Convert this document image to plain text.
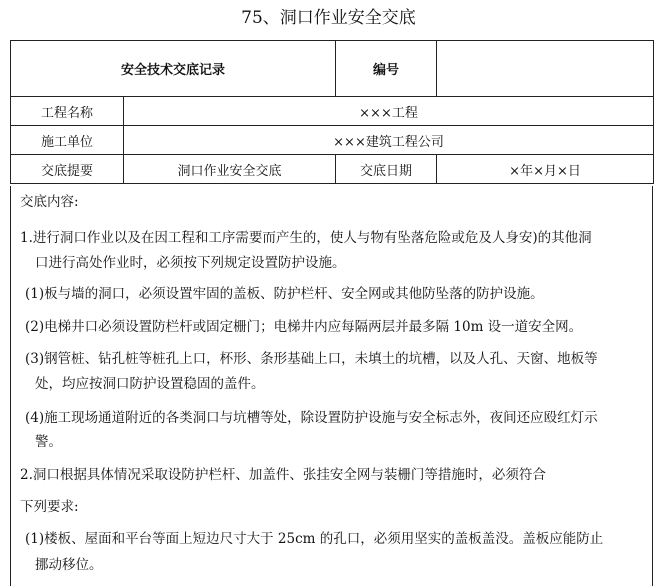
75、洞口作业安全交底
安全技术交底记录		编号	
工程名称	×××工程		
施工单位	×××建筑工程公司		
交底提要	洞口作业安全交底	交底日期	×年×月×日
交底内容:
1.进行洞口作业以及在因工程和工序需要而产生的，使人与物有坠落危险或危及人身安)的其他洞
口进行高处作业时，必须按下列规定设置防护设施。
(1)板与墙的洞口，必须设置牢固的盖板、防护栏杆、安全网或其他防坠落的防护设施。
(2)电梯井口必须设置防栏杆或固定栅门；电梯井内应每隔两层并最多隔 10m 设一道安全网。
(3)钢管桩、钻孔桩等桩孔上口，杯形、条形基础上口，未填土的坑槽，以及人孔、天窗、地板等
处，均应按洞口防护设置稳固的盖件。
(4)施工现场通道附近的各类洞口与坑槽等处，除设置防护设施与安全标志外，夜间还应殴红灯示
警。
2.洞口根据具体情况采取设防护栏杆、加盖件、张挂安全网与装栅门等措施时，必须符合
下列要求:
(1)楼板、屋面和平台等面上短边尺寸大于 25cm 的孔口，必须用坚实的盖板盖没。盖板应能防止
挪动移位。
